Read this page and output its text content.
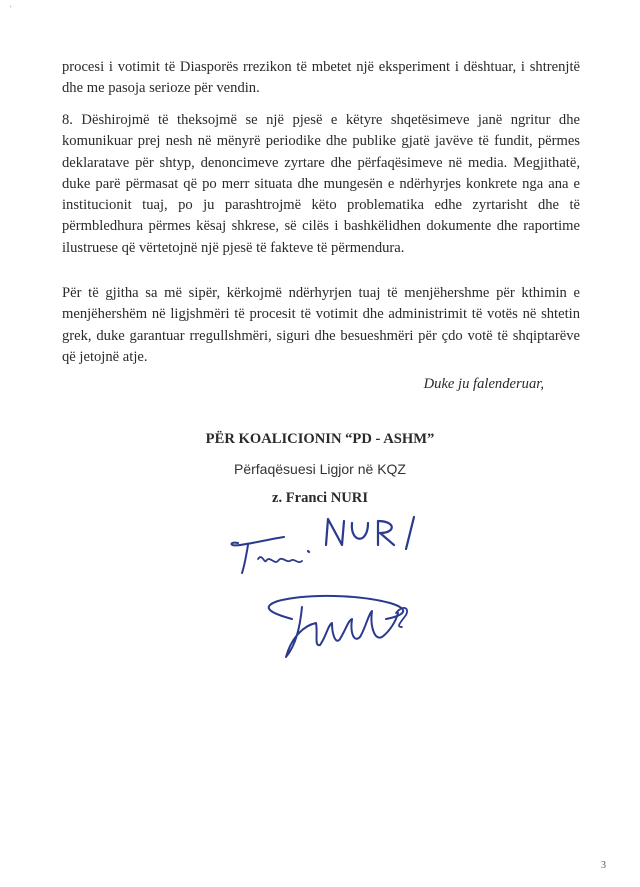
'

procesi i votimit të Diasporës rrezikon të mbetet një eksperiment i dështuar, i shtrenjtë dhe me pasoja serioze për vendin.

8. Dëshirojmë të theksojmë se një pjesë e këtyre shqetësimeve janë ngritur dhe komunikuar prej nesh në mënyrë periodike dhe publike gjatë javëve të fundit, përmes deklaratave për shtyp, denoncimeve zyrtare dhe përfaqësimeve në media. Megjithatë, duke parë përmasat që po merr situata dhe mungesën e ndërhyrjes konkrete nga ana e institucionit tuaj, po ju parashtrojmë këto problematika edhe zyrtarisht dhe të përmbledhura përmes kësaj shkrese, së cilës i bashkëlidhen dokumente dhe raportime ilustruese që vërtetojnë një pjesë të fakteve të përmendura.

Për të gjitha sa më sipër, kërkojmë ndërhyrjen tuaj të menjëhershme për kthimin e menjëhershëm në ligjshmëri të procesit të votimit dhe administrimit të votës në shtetin grek, duke garantuar rregullshmëri, siguri dhe besueshmëri për çdo votë të shqiptarëve që jetojnë atje.

Duke ju falenderuar,

PËR KOALICIONIN “PD - ASHM”
Përfaqësuesi Ligjor në KQZ
z. Franci NURI
3
